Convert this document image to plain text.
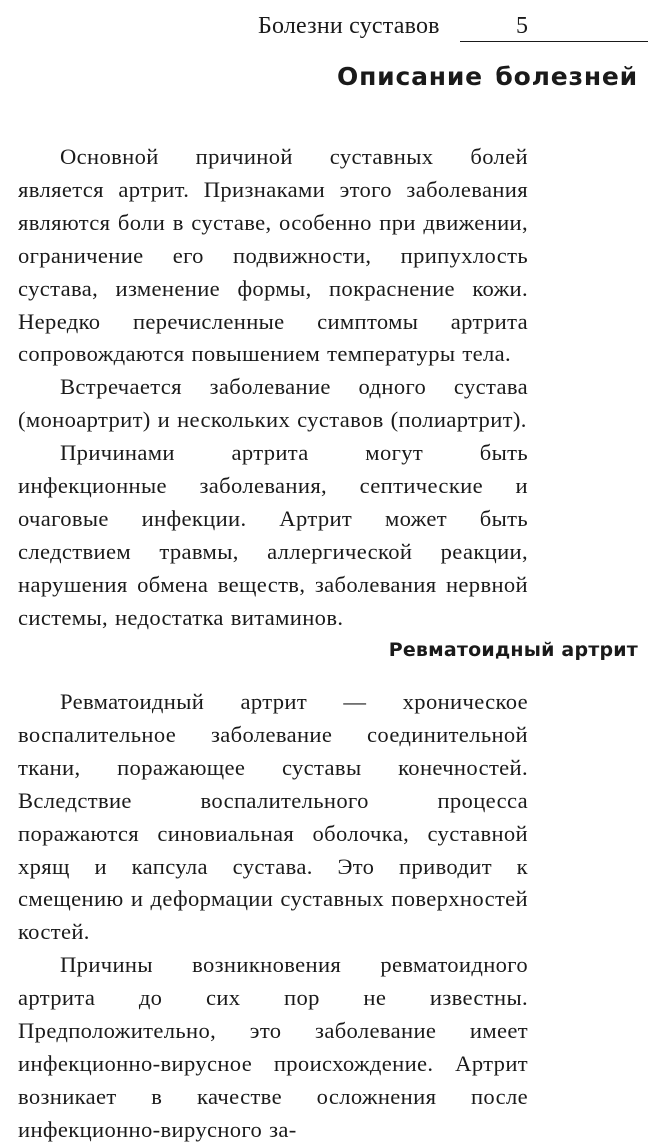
Болезни суставов	5
Описание болезней

Основной причиной суставных болей является артрит. Признаками этого заболевания являются боли в суставе, особенно при движении, ограничение его подвижности, припухлость сустава, изменение формы, покраснение кожи. Нередко перечисленные симптомы артрита сопровождаются повышением температуры тела.

Встречается заболевание одного сустава (моноартрит) и нескольких суставов (полиартрит).

Причинами артрита могут быть инфекционные заболевания, септические и очаговые инфекции. Артрит может быть следствием травмы, аллергической реакции, нарушения обмена веществ, заболевания нервной системы, недостатка витаминов.

Ревматоидный артрит

Ревматоидный артрит — хроническое воспалительное заболевание соединительной ткани, поражающее суставы конечностей. Вследствие воспалительного процесса поражаются синовиальная оболочка, суставной хрящ и капсула сустава. Это приводит к смещению и деформации суставных поверхностей костей.

Причины возникновения ревматоидного артрита до сих пор не известны. Предположительно, это заболевание имеет инфекционно-вирусное происхождение. Артрит возникает в качестве осложнения после инфекционно-вирусного за-
